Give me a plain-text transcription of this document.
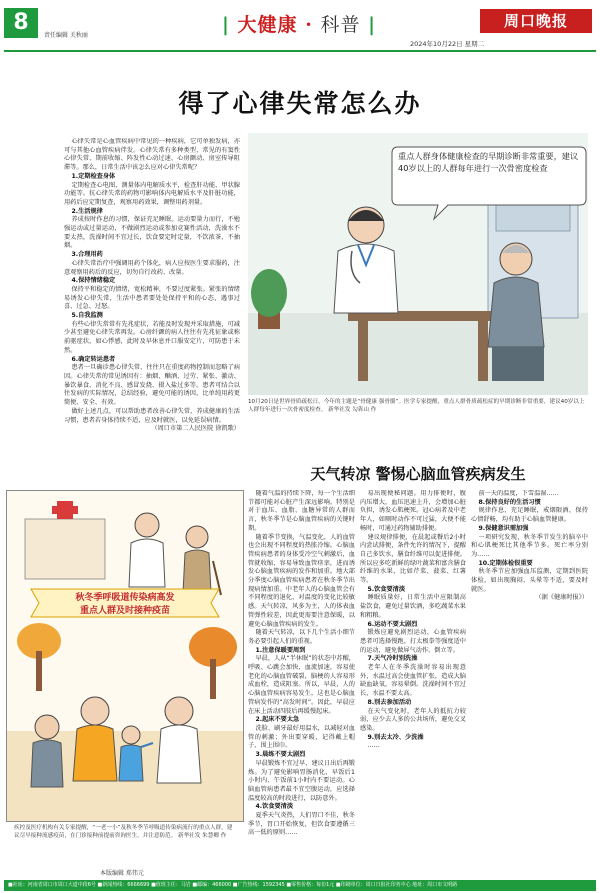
8
责任编辑 关秋丽	| 大健康 · 科普 |	周口晚报
2024年10月22日 星期二
得了心律失常怎么办

心律失常是心血管疾病中常见的一种疾病，它可单独发病，亦可与其他心血管疾病伴发。心律失常有多种类型，常见的有窦性心律失常、期前收缩、阵发性心动过速、心房颤动、房室传导阻滞等。那么，日常生活中该怎么应对心律失常呢？

1.定期检查身体

定期检查心电图，测量体内电解质水平，检查肝功能、甲状腺功能等。抗心律失常的药物可影响体内电解质水平及肝脏功能，用药后应定期复查，观察用药效果，调整用药剂量。

2.生活规律

养成按时作息的习惯，保证充足睡眠。运动要量力而行，不勉强运动或过量运动，不做剧烈运动或参加竞赛性活动，洗澡水不要太热，洗澡时间不宜过长，饮食要定时定量，不饮浓茶、不抽烟。

3.合理用药

心律失常治疗中强调用药个体化，病人应按医生要求服药，注意观察用药后的反应，切勿自行改药、改量。

4.保持情绪稳定

保持平和稳定的情绪，宽松精神，不要过度紧张。紧张的情绪易诱发心律失常，生活中患者要处处保持平和的心态，遇事过喜、过急、过怒。

5.自我监测

有些心律失常常有先兆症状，若能及时发现并采取措施，可减少甚至避免心律失常再发。心房纤颤的病人往往有先兆征象或称前驱症状，如心悸感，此时及早休息并口服安定片，可防患于未然。

6.确定转运患者

患者一旦确诊患心律失常，往往只在重度药物控制而忽略了病因。心律失常的常见诱因有：抽烟、酗酒、过劳、紧张、激动、暴饮暴食、消化不良、感冒发烧、摄入盐过多等。患者可结合以往发病的实际情况，总结经验，避免可能的诱因，比单纯用药更简便、安全、有效。

做好上述几点，可以帮助患者改善心律失常，养成健康的生活习惯，患者若身体持续不适，应及时就医，以免延误病情。

（周口市第二人民医院 徐凯歌）

重点人群身体健康检查的早期诊断非常重要，建议40岁以上的人群每年进行一次骨密度检查
10月20日是世界骨质疏松日，今年的主题是“骨健康 强骨骼”。医学专家提醒，重点人群骨质疏松症的早期诊断非常重要，建议40岁以上人群每年进行一次骨密度检查。 新华社发 勾犇山 作
天气转凉 警惕心脑血管疾病发生

随着气温的持续下降，每一个生活细节都可能对心脏产生深远影响。特别是对于血压、血脂、血糖异常的人群而言，秋冬季节是心脑血管疾病的关键时期。

随着季节变换，气温变化，人的血管也会出现不同程度的热胀冷缩。心脑血管疾病患者的身体受冷空气刺激后，血管就收缩，容易导致血管痉挛，进而诱发心脑血管疾病的发作和加重。地大部分季度心脑血管疾病患者在秋冬季节出现病情加重。中老年人的心脑血管会有不同程度的退化，对温度的变化比较敏感。天气转凉，风多为主，人的体表血管弹性较差，因此更需要注意保暖，以避免心脑血管疾病的发生。

随着天气转凉，以下几个生活小细节务必要引起人们的重视。

1.注意保暖要周到

早晨，人从“半休眠”的状态中苏醒，呼吸、心跳会加快，血流加速，容易使老化的心脑血管破裂，脑梗的人容易形成血栓，造成阻塞。所以，早晨，人的心脑血管疾病容易发生，这也是心脑血管病发作的“高发时间”。因此，早晨应在床上活动四肢后再缓慢起床。

2.起床不要太急

洗脸、刷牙最好用温水，以减轻对血管的刺激；外出要穿暖，记得戴上帽子、围上围巾。

3.晨练不要太剧烈

早晨锻炼不宜过早，建议日出后再锻炼。为了避免影响胃肠消化，早饭后1小时内、午饭前1小时内不要运动。心脑血管病患者最不宜空腹运动，应选择温度较高的时段进行，以防意外。

4.饮食要清淡

夏季天气炎热，人们胃口不佳，秋冬季节，胃口开始恢复，但饮食要遵循三高一低的原则……

易出现便秘问题。用力排便时，腹内压增大，血压迅速上升，会增加心脏负担，诱发心肌梗死。冠心病者及中老年人，如厕时动作不可过猛，大便不能畅时，可通过药物辅助排便。

建议规律排便，在晨起或餐后2小时内尝试排便，条件允许的情况下，提醒自己多饮水，膳食纤维可以促进排便。所以应多吃新鲜的绿叶蔬菜和富含膳食纤维的水果，比如芹菜、菠菜、红薯等。

5.饮食要清淡

睡眠质量好，日常生活中应限制高盐饮食，避免过量饮酒，多吃蔬菜水果和粗粮。

6.运动不要太剧烈

锻炼应避免剧烈运动，心血管疾病患者可选择慢跑、打太极拳等强度适中的运动，避免做屏气动作、倒立等。

7.天气冷时别洗澡

老年人在冬季洗澡时容易出现意外，水温过高会使血管扩张，造成大脑缺血缺氧，容易晕倒。洗澡时间不宜过长，水温不要太高。

8.别去参加活动

在天气变化时，老年人的抵抗力较弱，应少去人多的公共场所，避免交叉感染。

9.别去太冷、少洗澡

……

前一天的温度，下雪温湿……

8.保持良好的生活习惯

规律作息、充足睡眠，戒烟限酒，保持心情舒畅，均有助于心脑血管健康。

9.保健意识需加强

一项研究发现，秋冬季节发生的脑卒中和心肌梗死比其他季节多。死亡率分别为……

10.定期体检很重要

秋冬季节应加强血压监测，定期到医院体检，如出现胸闷、头晕等不适，要及时就医。

（据《健康时报》）

秋冬季呼吸道传染病高发
重点人群及时接种疫苗
疾控及医疗机构有关专家提醒，“一老一小”及秋冬季节呼吸道传染病流行的重点人群，建议尽早接种流感疫苗，在门诊接种前提前咨询医生，并注意防范。 新华社发 朱慧卿 作
本版编辑 郑伟元
■社址：河南省周口市周口大道中段6号 ■新闻热线：6666699 ■值班主任：马岩 ■邮编：466000 ■广告热线：1592345 ■零售价格：每份1元 ■印刷单位：周口日报社印务中心 地址：周口市文明路
